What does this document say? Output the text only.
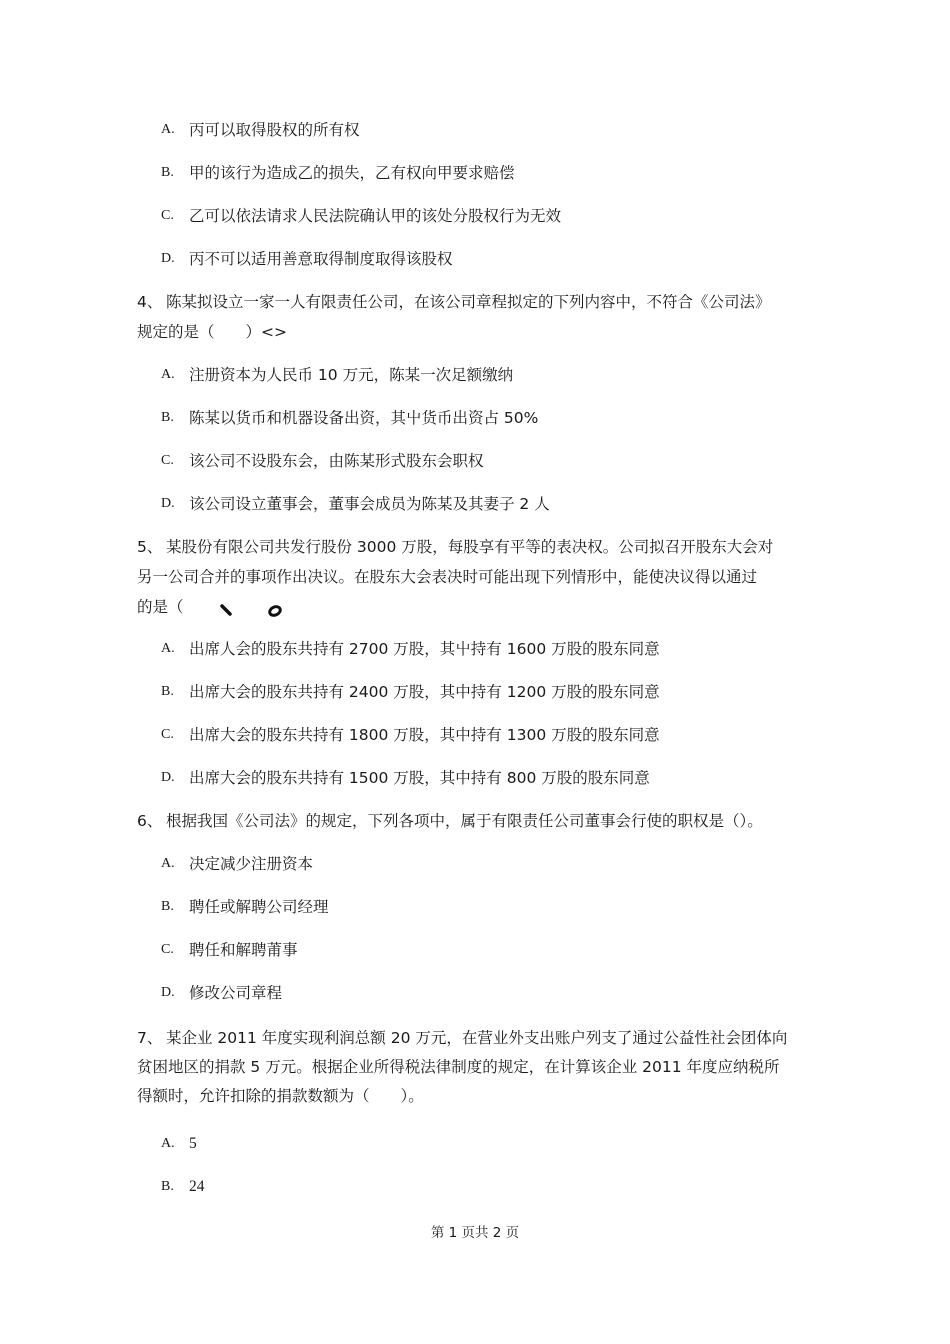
A. 丙可以取得股权的所有权
B. 甲的该行为造成乙的损失，乙有权向甲要求赔偿
C. 乙可以依法请求人民法院确认甲的该处分股权行为无效
D. 丙不可以适用善意取得制度取得该股权
4、 陈某拟设立一家一人有限责任公司，在该公司章程拟定的下列内容中，不符合《公司法》
规定的是（　　）<>
A. 注册资本为人民币 10 万元，陈某一次足额缴纳
B. 陈某以货币和机器设备出资，其屮货币出资占 50%
C. 该公司不设股东会，由陈某形式股东会职权
D. 该公司设立董事会，董事会成员为陈某及其妻子 2 人
5、 某股份有限公司共发行股份 3000 万股，每股享有平等的表决权。公司拟召开股东大会对
另一公司合并的事项作出决议。在股东大会表决时可能出现下列情形中，能使决议得以通过
的是（
A. 出席人会的股东共持有 2700 万股，其屮持有 1600 万股的股东同意
B. 出席大会的股东共持有 2400 万股，其中持有 1200 万股的股东同意
C. 出席大会的股东共持有 1800 万股，其中持有 1300 万股的股东同意
D. 出席大会的股东共持有 1500 万股，其中持有 800 万股的股东同意
6、 根据我国《公司法》的规定，下列各项中，属于有限责任公司董事会行使的职权是（）。
A. 决定减少注册资本
B. 聘任或解聘公司经理
C. 聘任和解聘莆事
D. 修改公司章程
7、 某企业 2011 年度实现利润总额 20 万元，在营业外支出账户列支了通过公益性社会团体向
贫困地区的捐款 5 万元。根据企业所得税法律制度的规定，在计算该企业 2011 年度应纳税所
得额时，允许扣除的捐款数额为（　　）。
A. 5
B. 24
第 1 页共 2 页
